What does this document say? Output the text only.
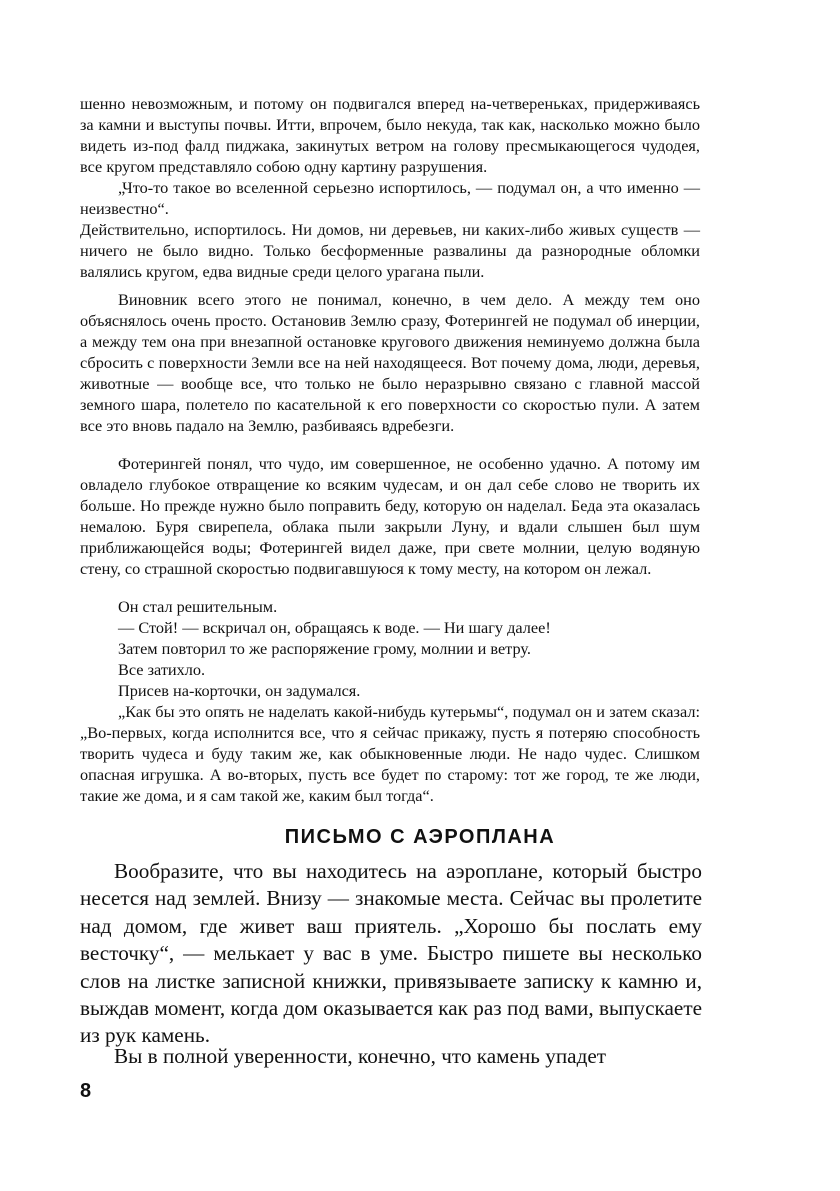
шенно невозможным, и потому он подвигался вперед на-четвереньках, придерживаясь за камни и выступы почвы. Итти, впрочем, было некуда, так как, насколько можно было видеть из-под фалд пиджака, закинутых ветром на голову пресмыкающегося чудодея, все кругом представляло собою одну картину разрушения.

„Что-то такое во вселенной серьезно испортилось, — подумал он, а что именно — неизвестно“.

Действительно, испортилось. Ни домов, ни деревьев, ни каких-либо живых существ — ничего не было видно. Только бесформенные развалины да разнородные обломки валялись кругом, едва видные среди целого урагана пыли.

Виновник всего этого не понимал, конечно, в чем дело. А между тем оно объяснялось очень просто. Остановив Землю сразу, Фотерингей не подумал об инерции, а между тем она при внезапной остановке кругового движения неминуемо должна была сбросить с поверхности Земли все на ней находящееся. Вот почему дома, люди, деревья, животные — вообще все, что только не было неразрывно связано с главной массой земного шара, полетело по касательной к его поверхности со скоростью пули. А затем все это вновь падало на Землю, разбиваясь вдребезги.

Фотерингей понял, что чудо, им совершенное, не особенно удачно. А потому им овладело глубокое отвращение ко всяким чудесам, и он дал себе слово не творить их больше. Но прежде нужно было поправить беду, которую он наделал. Беда эта оказалась немалою. Буря свирепела, облака пыли закрыли Луну, и вдали слышен был шум приближающейся воды; Фотерингей видел даже, при свете молнии, целую водяную стену, со страшной скоростью подвигавшуюся к тому месту, на котором он лежал.

Он стал решительным.

— Стой! — вскричал он, обращаясь к воде. — Ни шагу далее!

Затем повторил то же распоряжение грому, молнии и ветру.

Все затихло.

Присев на-корточки, он задумался.

„Как бы это опять не наделать какой-нибудь кутерьмы“, подумал он и затем сказал: „Во-первых, когда исполнится все, что я сейчас прикажу, пусть я потеряю способность творить чудеса и буду таким же, как обыкновенные люди. Не надо чудес. Слишком опасная игрушка. А во-вторых, пусть все будет по старому: тот же город, те же люди, такие же дома, и я сам такой же, каким был тогда“.

ПИСЬМО С АЭРОПЛАНА

Вообразите, что вы находитесь на аэроплане, который быстро несется над землей. Внизу — знакомые места. Сейчас вы пролетите над домом, где живет ваш приятель. „Хорошо бы послать ему весточку“, — мелькает у вас в уме. Быстро пишете вы несколько слов на листке записной книжки, привязываете записку к камню и, выждав момент, когда дом оказывается как раз под вами, выпускаете из рук камень.

Вы в полной уверенности, конечно, что камень упадет

8
